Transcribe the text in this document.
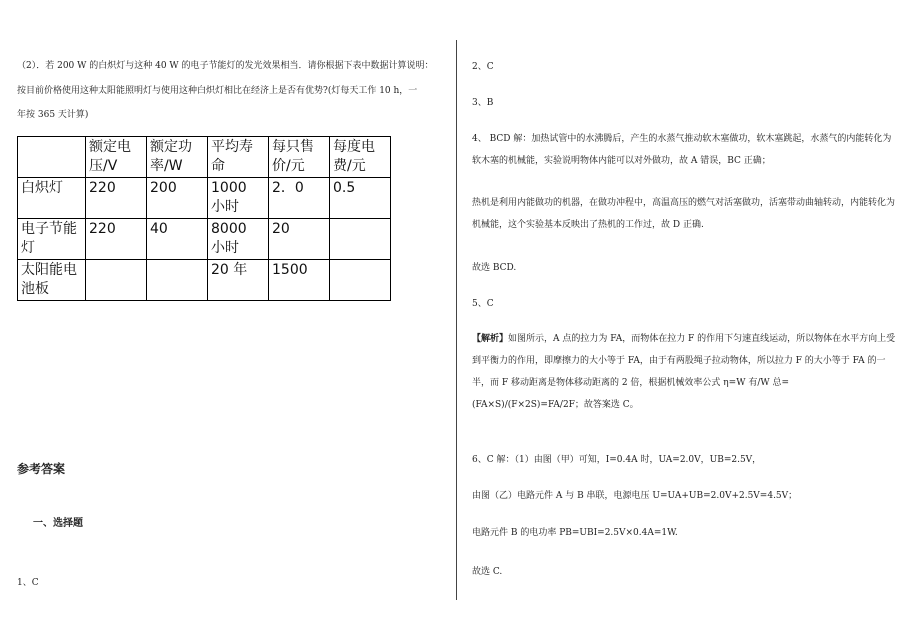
（2）．若 200 W 的白炽灯与这种 40 W 的电子节能灯的发光效果相当．请你根据下表中数据计算说明：
按目前价格使用这种太阳能照明灯与使用这种白炽灯相比在经济上是否有优势?(灯每天工作 10 h，一
年按 365 天计算)
	额定电压/V	额定功率/W	平均寿命	每只售价/元	每度电费/元
白炽灯	220	200	1000 小时	2．0	0.5
电子节能灯	220	40	8000 小时	20	
太阳能电池板			20 年	1500	
参考答案
一、选择题
1、C
2、C
3、B
4、 BCD 解：加热试管中的水沸腾后，产生的水蒸气推动软木塞做功，软木塞跳起，水蒸气的内能转化为软木塞的机械能，实验说明物体内能可以对外做功，故 A 错误，BC 正确；
热机是利用内能做功的机器，在做功冲程中，高温高压的燃气对活塞做功，活塞带动曲轴转动，内能转化为机械能，这个实验基本反映出了热机的工作过，故 D 正确.
故选 BCD.
5、C
【解析】如图所示，A 点的拉力为 FA，而物体在拉力 F 的作用下匀速直线运动，所以物体在水平方向上受到平衡力的作用，即摩擦力的大小等于 FA，由于有两股绳子拉动物体，所以拉力 F 的大小等于 FA 的一半，而 F 移动距离是物体移动距离的 2 倍，根据机械效率公式 η=W 有/W 总=(FA×S)/(F×2S)=FA/2F；故答案选 C。
6、C 解：（1）由图（甲）可知，I=0.4A 时，UA=2.0V，UB=2.5V，
由图（乙）电路元件 A 与 B 串联，电源电压 U=UA+UB=2.0V+2.5V=4.5V；
电路元件 B 的电功率 PB=UBI=2.5V×0.4A=1W.
故选 C.
